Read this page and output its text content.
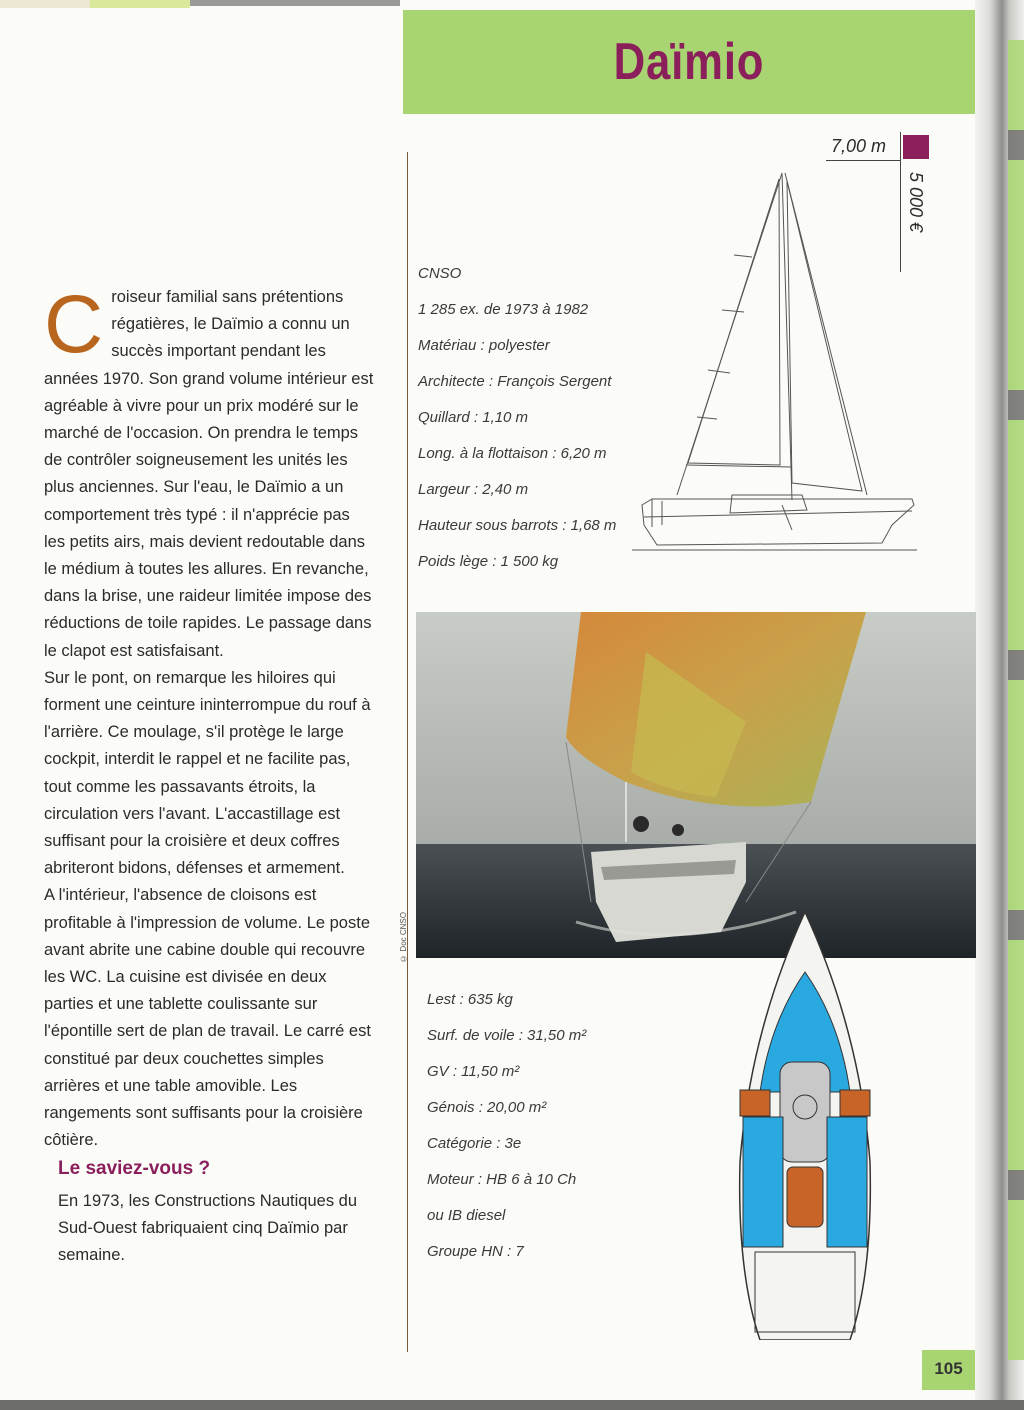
Daïmio
7,00 m
5 000 €
CNSO
1 285 ex. de 1973 à 1982
Matériau : polyester
Architecte : François Sergent
Quillard : 1,10 m
Long. à la flottaison : 6,20 m
Largeur : 2,40 m
Hauteur sous barrots : 1,68 m
Poids lège : 1 500 kg
© Doc CNSO
Lest : 635 kg
Surf. de voile : 31,50 m²
GV : 11,50 m²
Génois : 20,00 m²
Catégorie : 3e
Moteur : HB 6 à 10 Ch
ou IB diesel
Groupe HN : 7
C roiseur familial sans prétentions régatières, le Daïmio a connu un succès important pendant les années 1970. Son grand volume intérieur est agréable à vivre pour un prix modéré sur le marché de l'occasion. On prendra le temps de contrôler soigneusement les unités les plus anciennes. Sur l'eau, le Daïmio a un comportement très typé : il n'apprécie pas les petits airs, mais devient redoutable dans le médium à toutes les allures. En revanche, dans la brise, une raideur limitée impose des réductions de toile rapides. Le passage dans le clapot est satisfaisant.

Sur le pont, on remarque les hiloires qui forment une ceinture ininterrompue du rouf à l'arrière. Ce moulage, s'il protège le large cockpit, interdit le rappel et ne facilite pas, tout comme les passavants étroits, la circulation vers l'avant. L'accastillage est suffisant pour la croisière et deux coffres abriteront bidons, défenses et armement.

A l'intérieur, l'absence de cloisons est profitable à l'impression de volume. Le poste avant abrite une cabine double qui recouvre les WC. La cuisine est divisée en deux parties et une tablette coulissante sur l'épontille sert de plan de travail. Le carré est constitué par deux couchettes simples arrières et une table amovible. Les rangements sont suffisants pour la croisière côtière.

Le saviez-vous ?
En 1973, les Constructions Nautiques du Sud-Ouest fabriquaient cinq Daïmio par semaine.
105
